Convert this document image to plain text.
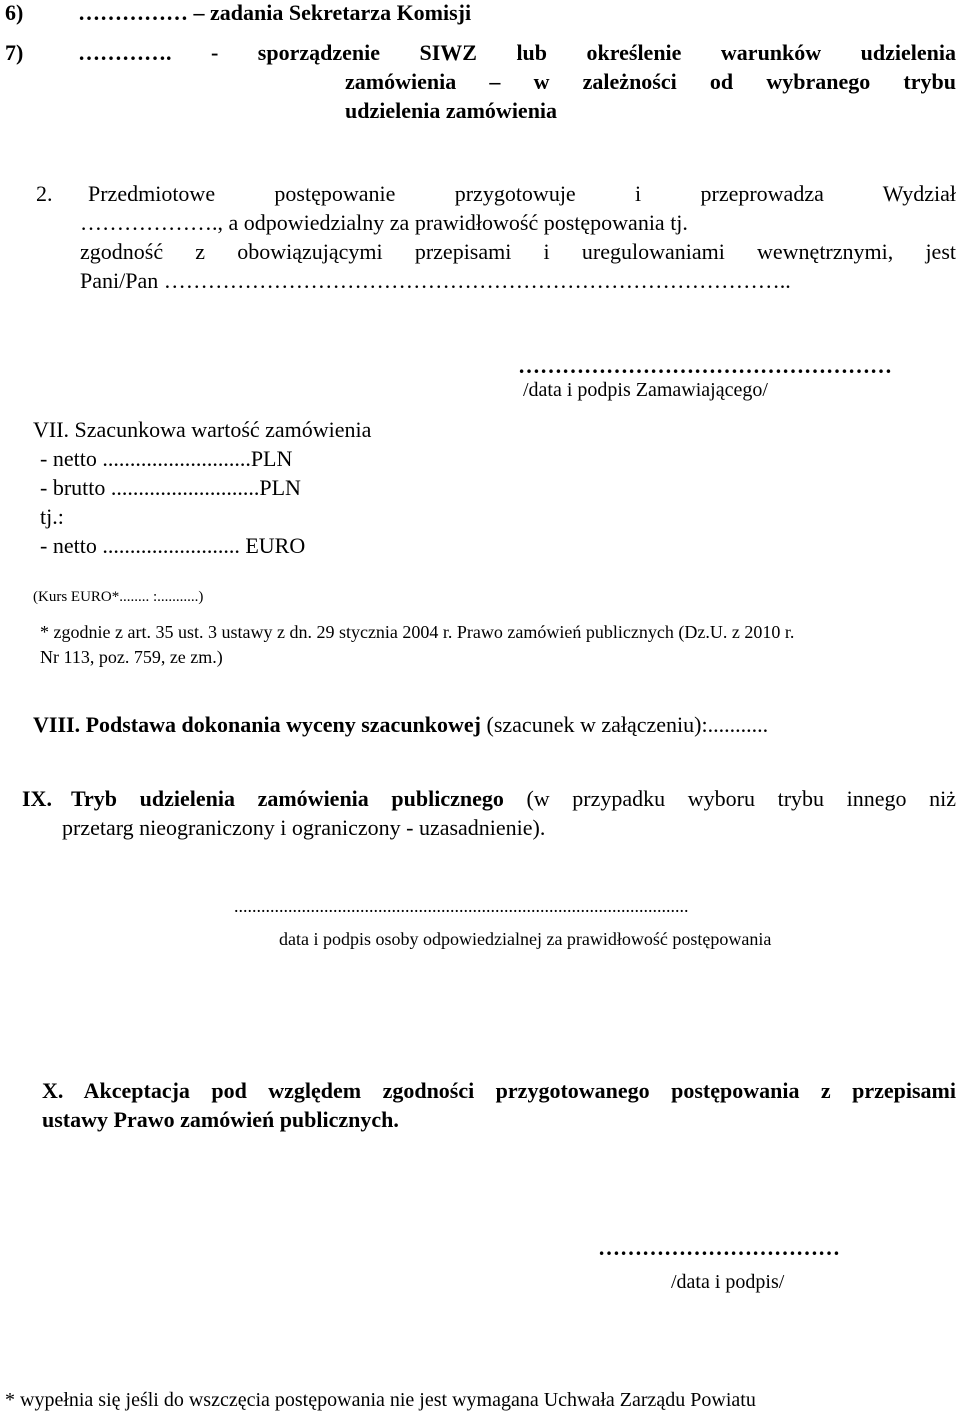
6) …………… – zadania Sekretarza Komisji
7) …………. - sporządzenie SIWZ lub określenie warunków udzielenia
zamówienia – w zależności od wybranego trybu
udzielenia zamówienia
2. Przedmiotowe postępowanie przygotowuje i przeprowadza Wydział
………………., a odpowiedzialny za prawidłowość postępowania tj.
zgodność z obowiązującymi przepisami i uregulowaniami wewnętrznymi, jest
Pani/Pan …………………………………………………………………………..
……………………………………………
/data i podpis Zamawiającego/
VII. Szacunkowa wartość zamówienia
- netto ...........................PLN
- brutto ...........................PLN
tj.:
- netto ......................... EURO
(Kurs EURO*........ :...........)
* zgodnie z art. 35 ust. 3 ustawy z dn. 29 stycznia 2004 r. Prawo zamówień publicznych (Dz.U. z 2010 r.
Nr 113, poz. 759, ze zm.)
VIII. Podstawa dokonania wyceny szacunkowej (szacunek w załączeniu):...........
IX. Tryb udzielenia zamówienia publicznego (w przypadku wyboru trybu innego niż
przetarg nieograniczony i ograniczony - uzasadnienie).
.....................................................................................................
data i podpis osoby odpowiedzialnej za prawidłowość postępowania
X. Akceptacja pod względem zgodności przygotowanego postępowania z przepisami
ustawy Prawo zamówień publicznych.
……………………………
/data i podpis/
* wypełnia się jeśli do wszczęcia postępowania nie jest wymagana Uchwała Zarządu Powiatu
